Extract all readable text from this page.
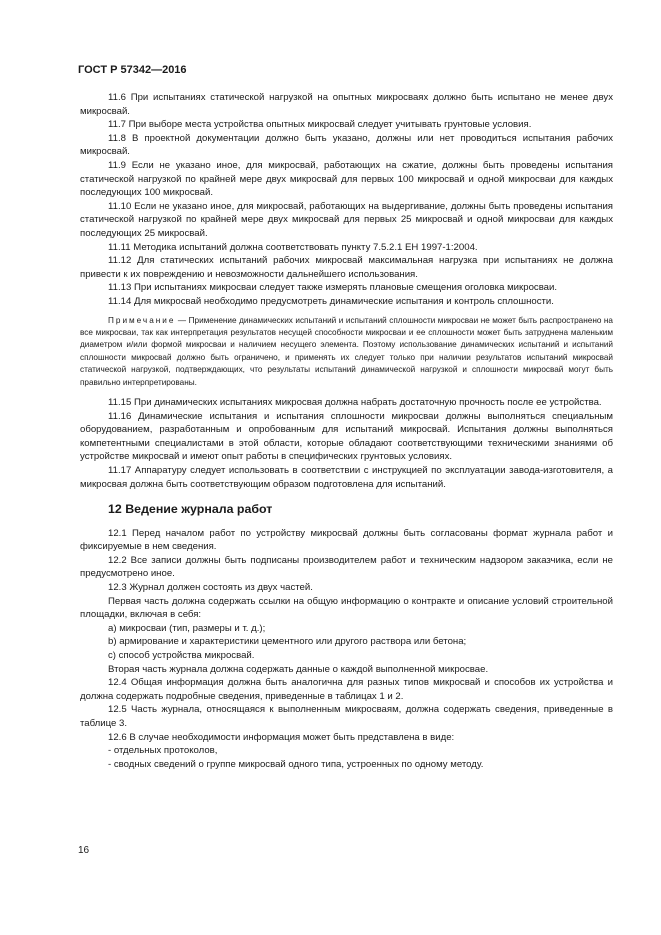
ГОСТ Р 57342—2016

11.6 При испытаниях статической нагрузкой на опытных микросваях должно быть испытано не менее двух микросвай.

11.7 При выборе места устройства опытных микросвай следует учитывать грунтовые условия.

11.8 В проектной документации должно быть указано, должны или нет проводиться испытания рабочих микросвай.

11.9 Если не указано иное, для микросвай, работающих на сжатие, должны быть проведены испытания статической нагрузкой по крайней мере двух микросвай для первых 100 микросвай и одной микросваи для каждых последующих 100 микросвай.

11.10 Если не указано иное, для микросвай, работающих на выдергивание, должны быть проведены испытания статической нагрузкой по крайней мере двух микросвай для первых 25 микросвай и одной микросваи для каждых последующих 25 микросвай.

11.11 Методика испытаний должна соответствовать пункту 7.5.2.1 ЕН 1997-1:2004.

11.12 Для статических испытаний рабочих микросвай максимальная нагрузка при испытаниях не должна привести к их повреждению и невозможности дальнейшего использования.

11.13 При испытаниях микросваи следует также измерять плановые смещения оголовка микросваи.

11.14 Для микросвай необходимо предусмотреть динамические испытания и контроль сплошности.

Примечание — Применение динамических испытаний и испытаний сплошности микросваи не может быть распространено на все микросваи, так как интерпретация результатов несущей способности микросваи и ее сплошности может быть затруднена маленьким диаметром и/или формой микросваи и наличием несущего элемента. Поэтому использование динамических испытаний и испытаний сплошности микросвай должно быть ограничено, и применять их следует только при наличии результатов испытаний микросвай статической нагрузкой, подтверждающих, что результаты испытаний динамической нагрузкой и сплошности микросвай могут быть правильно интерпретированы.

11.15 При динамических испытаниях микросвая должна набрать достаточную прочность после ее устройства.

11.16 Динамические испытания и испытания сплошности микросваи должны выполняться специальным оборудованием, разработанным и опробованным для испытаний микросвай. Испытания должны выполняться компетентными специалистами в этой области, которые обладают соответствующими техническими знаниями об устройстве микросвай и имеют опыт работы в специфических грунтовых условиях.

11.17 Аппаратуру следует использовать в соответствии с инструкцией по эксплуатации завода-изготовителя, а микросвая должна быть соответствующим образом подготовлена для испытаний.

12 Ведение журнала работ

12.1 Перед началом работ по устройству микросвай должны быть согласованы формат журнала работ и фиксируемые в нем сведения.

12.2 Все записи должны быть подписаны производителем работ и техническим надзором заказчика, если не предусмотрено иное.

12.3 Журнал должен состоять из двух частей.

Первая часть должна содержать ссылки на общую информацию о контракте и описание условий строительной площадки, включая в себя:

a) микросваи (тип, размеры и т. д.);

b) армирование и характеристики цементного или другого раствора или бетона;

c) способ устройства микросвай.

Вторая часть журнала должна содержать данные о каждой выполненной микросвае.

12.4 Общая информация должна быть аналогична для разных типов микросвай и способов их устройства и должна содержать подробные сведения, приведенные в таблицах 1 и 2.

12.5 Часть журнала, относящаяся к выполненным микросваям, должна содержать сведения, приведенные в таблице 3.

12.6 В случае необходимости информация может быть представлена в виде:

- отдельных протоколов,

- сводных сведений о группе микросвай одного типа, устроенных по одному методу.

16
